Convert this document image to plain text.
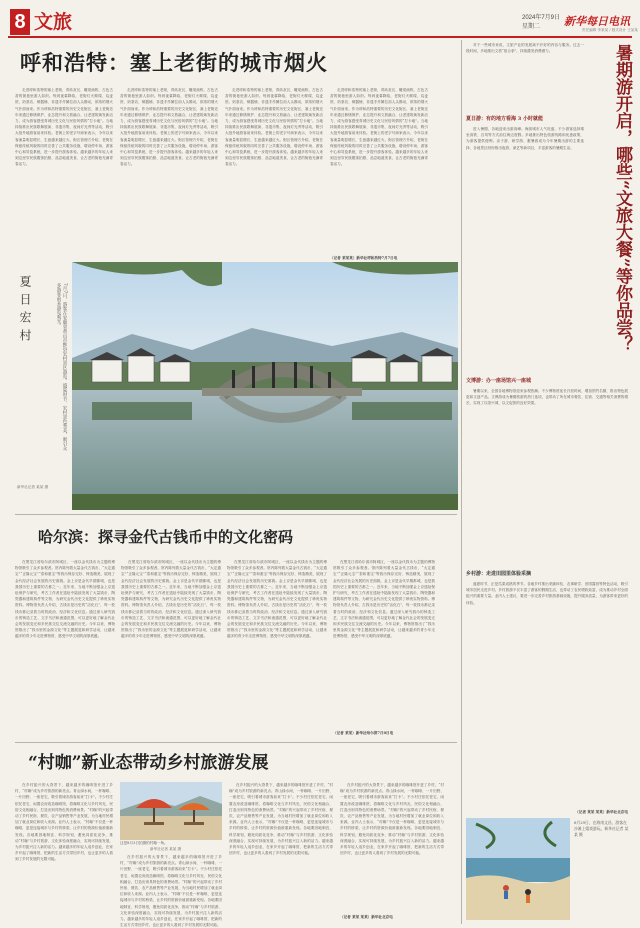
8 文旅	2024年7月9日
星期二 新华每日电讯
责任编辑 李某某 / 版式设计 王某某
呼和浩特：塞上老街的城市烟火

走进呼和浩特的塞上老街，青砖灰瓦、雕梁画栋，古色古香的街巷里游人如织。每到夜幕降临，老街灯火璀璨，烧麦馆、奶茶店、铜器铺、非遗手作摊位前人头攒动，浓浓的烟火气扑面而来。作为呼和浩特重要的历史文化街区，塞上老街近年来通过修缮保护、业态提升和文旅融合，让老建筑焕发新活力，成为游客感受青城历史文化与民俗风情的“打卡地”。当地持续推出民族歌舞展演、非遗市集、夜间灯光秀等活动，吸引大批外地游客前来体验。老街上的老字号商家表示，今年以来客流量明显增长，生意越来越红火。街区管理方介绍，老街在保留传统风貌的同时完善了公共服务设施，增设停车场、游客中心和导览系统，进一步提升游客体验。越来越多的年轻人来到这里穿民族服饰拍照、品尝地道美食，让古老的街巷充满青春活力。

走进呼和浩特的塞上老街，青砖灰瓦、雕梁画栋，古色古香的街巷里游人如织。每到夜幕降临，老街灯火璀璨，烧麦馆、奶茶店、铜器铺、非遗手作摊位前人头攒动，浓浓的烟火气扑面而来。作为呼和浩特重要的历史文化街区，塞上老街近年来通过修缮保护、业态提升和文旅融合，让老建筑焕发新活力，成为游客感受青城历史文化与民俗风情的“打卡地”。当地持续推出民族歌舞展演、非遗市集、夜间灯光秀等活动，吸引大批外地游客前来体验。老街上的老字号商家表示，今年以来客流量明显增长，生意越来越红火。街区管理方介绍，老街在保留传统风貌的同时完善了公共服务设施，增设停车场、游客中心和导览系统，进一步提升游客体验。越来越多的年轻人来到这里穿民族服饰拍照、品尝地道美食，让古老的街巷充满青春活力。

走进呼和浩特的塞上老街，青砖灰瓦、雕梁画栋，古色古香的街巷里游人如织。每到夜幕降临，老街灯火璀璨，烧麦馆、奶茶店、铜器铺、非遗手作摊位前人头攒动，浓浓的烟火气扑面而来。作为呼和浩特重要的历史文化街区，塞上老街近年来通过修缮保护、业态提升和文旅融合，让老建筑焕发新活力，成为游客感受青城历史文化与民俗风情的“打卡地”。当地持续推出民族歌舞展演、非遗市集、夜间灯光秀等活动，吸引大批外地游客前来体验。老街上的老字号商家表示，今年以来客流量明显增长，生意越来越红火。街区管理方介绍，老街在保留传统风貌的同时完善了公共服务设施，增设停车场、游客中心和导览系统，进一步提升游客体验。越来越多的年轻人来到这里穿民族服饰拍照、品尝地道美食，让古老的街巷充满青春活力。

走进呼和浩特的塞上老街，青砖灰瓦、雕梁画栋，古色古香的街巷里游人如织。每到夜幕降临，老街灯火璀璨，烧麦馆、奶茶店、铜器铺、非遗手作摊位前人头攒动，浓浓的烟火气扑面而来。作为呼和浩特重要的历史文化街区，塞上老街近年来通过修缮保护、业态提升和文旅融合，让老建筑焕发新活力，成为游客感受青城历史文化与民俗风情的“打卡地”。当地持续推出民族歌舞展演、非遗市集、夜间灯光秀等活动，吸引大批外地游客前来体验。老街上的老字号商家表示，今年以来客流量明显增长，生意越来越红火。街区管理方介绍，老街在保留传统风貌的同时完善了公共服务设施，增设停车场、游客中心和导览系统，进一步提升游客体验。越来越多的年轻人来到这里穿民族服饰拍照、品尝地道美食，让古老的街巷充满青春活力。

（记者 某某某）新华社呼和浩特7月7日电
夏日宏村	7月7日，游客在安徽省黄山市黟县宏村景区游览。盛夏时节，宏村景色秀美，吸引众多游客前来游览观光。
新华社记者 某某 摄
哈尔滨：探寻金代古钱币中的文化密码

在黑龙江省哈尔滨市阿城区，一座以金代钱币为主题的博物馆吸引了众多参观者。馆内陈列着大量金代古钱币，“大定通宝”“正隆元宝”“泰和重宝”等钱币保存完好、铸造精美，展现了金代经济社会发展的历史面貌。金上京是金代早期都城，也是我国历史上重要的古都之一。近年来，当地不断加强金上京遗址保护与研究，考古工作者在遗址中陆续发现了大量钱币、陶瓷器和建筑构件等文物，为研究金代历史文化提供了珍贵实物资料。博物馆负责人介绍，古钱币是历史的“活化石”，每一枚钱币都记录着当时的政治、经济和文化信息。通过深入研究钱币的铸造工艺、文字书法和流通范围，可以更好地了解金代社会的发展变迁和多民族交往交流交融的历史。今年以来，博物馆推出了“钱币里的金源文化”等主题展览和研学活动，让越来越多的青少年走进博物馆，感受中华文明的深厚底蕴。

在黑龙江省哈尔滨市阿城区，一座以金代钱币为主题的博物馆吸引了众多参观者。馆内陈列着大量金代古钱币，“大定通宝”“正隆元宝”“泰和重宝”等钱币保存完好、铸造精美，展现了金代经济社会发展的历史面貌。金上京是金代早期都城，也是我国历史上重要的古都之一。近年来，当地不断加强金上京遗址保护与研究，考古工作者在遗址中陆续发现了大量钱币、陶瓷器和建筑构件等文物，为研究金代历史文化提供了珍贵实物资料。博物馆负责人介绍，古钱币是历史的“活化石”，每一枚钱币都记录着当时的政治、经济和文化信息。通过深入研究钱币的铸造工艺、文字书法和流通范围，可以更好地了解金代社会的发展变迁和多民族交往交流交融的历史。今年以来，博物馆推出了“钱币里的金源文化”等主题展览和研学活动，让越来越多的青少年走进博物馆，感受中华文明的深厚底蕴。

在黑龙江省哈尔滨市阿城区，一座以金代钱币为主题的博物馆吸引了众多参观者。馆内陈列着大量金代古钱币，“大定通宝”“正隆元宝”“泰和重宝”等钱币保存完好、铸造精美，展现了金代经济社会发展的历史面貌。金上京是金代早期都城，也是我国历史上重要的古都之一。近年来，当地不断加强金上京遗址保护与研究，考古工作者在遗址中陆续发现了大量钱币、陶瓷器和建筑构件等文物，为研究金代历史文化提供了珍贵实物资料。博物馆负责人介绍，古钱币是历史的“活化石”，每一枚钱币都记录着当时的政治、经济和文化信息。通过深入研究钱币的铸造工艺、文字书法和流通范围，可以更好地了解金代社会的发展变迁和多民族交往交流交融的历史。今年以来，博物馆推出了“钱币里的金源文化”等主题展览和研学活动，让越来越多的青少年走进博物馆，感受中华文明的深厚底蕴。

在黑龙江省哈尔滨市阿城区，一座以金代钱币为主题的博物馆吸引了众多参观者。馆内陈列着大量金代古钱币，“大定通宝”“正隆元宝”“泰和重宝”等钱币保存完好、铸造精美，展现了金代经济社会发展的历史面貌。金上京是金代早期都城，也是我国历史上重要的古都之一。近年来，当地不断加强金上京遗址保护与研究，考古工作者在遗址中陆续发现了大量钱币、陶瓷器和建筑构件等文物，为研究金代历史文化提供了珍贵实物资料。博物馆负责人介绍，古钱币是历史的“活化石”，每一枚钱币都记录着当时的政治、经济和文化信息。通过深入研究钱币的铸造工艺、文字书法和流通范围，可以更好地了解金代社会的发展变迁和多民族交往交流交融的历史。今年以来，博物馆推出了“钱币里的金源文化”等主题展览和研学活动，让越来越多的青少年走进博物馆，感受中华文明的深厚底蕴。

（记者 某某）新华社哈尔滨7月8日电
“村咖”新业态带动乡村旅游发展

在乡村振兴的大背景下，越来越多的咖啡馆开进了乡村，“村咖”成为乡村旅游的新亮点。青山绿水间，一杯咖啡、一片田野、一座老宅，吸引着城市游客前来“打卡”。不少村庄依托老宅、闲置农房改造咖啡馆，将咖啡文化与乡村风光、民俗文化相融合，打造出别具特色的消费场景。“村咖”的兴起带动了乡村民宿、餐饮、农产品销售等产业发展，为当地村民增加了就业岗位和收入来源。业内人士表示，“村咖”不仅是一杯咖啡，更是连接城市与乡村的桥梁，让乡村的资源价值被重新发现。各地要因地制宜、科学规划，避免同质化竞争，推动“村咖”与乡村旅游、文化体验深度融合，实现可持续发展，为乡村振兴注入新的活力。越来越多的年轻人返乡创业，在家乡开起了咖啡馆，把新的生活方式带回乡村，也让更多的人看到了乡村发展的无限可能。

这是8月3日拍摄的村咖一角。
新华社记者 某某 摄

在乡村振兴的大背景下，越来越多的咖啡馆开进了乡村，“村咖”成为乡村旅游的新亮点。青山绿水间，一杯咖啡、一片田野、一座老宅，吸引着城市游客前来“打卡”。不少村庄依托老宅、闲置农房改造咖啡馆，将咖啡文化与乡村风光、民俗文化相融合，打造出别具特色的消费场景。“村咖”的兴起带动了乡村民宿、餐饮、农产品销售等产业发展，为当地村民增加了就业岗位和收入来源。业内人士表示，“村咖”不仅是一杯咖啡，更是连接城市与乡村的桥梁，让乡村的资源价值被重新发现。各地要因地制宜、科学规划，避免同质化竞争，推动“村咖”与乡村旅游、文化体验深度融合，实现可持续发展，为乡村振兴注入新的活力。越来越多的年轻人返乡创业，在家乡开起了咖啡馆，把新的生活方式带回乡村，也让更多的人看到了乡村发展的无限可能。

在乡村振兴的大背景下，越来越多的咖啡馆开进了乡村，“村咖”成为乡村旅游的新亮点。青山绿水间，一杯咖啡、一片田野、一座老宅，吸引着城市游客前来“打卡”。不少村庄依托老宅、闲置农房改造咖啡馆，将咖啡文化与乡村风光、民俗文化相融合，打造出别具特色的消费场景。“村咖”的兴起带动了乡村民宿、餐饮、农产品销售等产业发展，为当地村民增加了就业岗位和收入来源。业内人士表示，“村咖”不仅是一杯咖啡，更是连接城市与乡村的桥梁，让乡村的资源价值被重新发现。各地要因地制宜、科学规划，避免同质化竞争，推动“村咖”与乡村旅游、文化体验深度融合，实现可持续发展，为乡村振兴注入新的活力。越来越多的年轻人返乡创业，在家乡开起了咖啡馆，把新的生活方式带回乡村，也让更多的人看到了乡村发展的无限可能。

在乡村振兴的大背景下，越来越多的咖啡馆开进了乡村，“村咖”成为乡村旅游的新亮点。青山绿水间，一杯咖啡、一片田野、一座老宅，吸引着城市游客前来“打卡”。不少村庄依托老宅、闲置农房改造咖啡馆，将咖啡文化与乡村风光、民俗文化相融合，打造出别具特色的消费场景。“村咖”的兴起带动了乡村民宿、餐饮、农产品销售等产业发展，为当地村民增加了就业岗位和收入来源。业内人士表示，“村咖”不仅是一杯咖啡，更是连接城市与乡村的桥梁，让乡村的资源价值被重新发现。各地要因地制宜、科学规划，避免同质化竞争，推动“村咖”与乡村旅游、文化体验深度融合，实现可持续发展，为乡村振兴注入新的活力。越来越多的年轻人返乡创业，在家乡开起了咖啡馆，把新的生活方式带回乡村，也让更多的人看到了乡村发展的无限可能。

（记者 某某 某某）新华社北京电

对于一些城市来说，文旅产业的发展离不开好的内容与服务。过去一段时间，多地推出文旅“组合拳”，持续激发消费潜力。	暑期游开启，哪些“文旅大餐”等你品尝？
夏日游：有的地方看海 3 小时就能

进入暑期，各地迎来出游高峰。海滨城市人气旺盛，不少游客选择乘坐高铁、自驾等方式前往海边度假。多地推出特色旅游线路和优惠政策，为游客提供便利。亲子游、研学游、避暑游成为今年暑期出游的主要选择，各地景区纷纷推出夜游、演艺等新项目，丰富游客的暑期生活。

文博游：办一座场馆兴一座城

暑期以来，全国各地博物馆迎来参观热潮。不少博物馆延长开放时间、增加预约名额，推出特色展览和文创产品。文博游成为暑期旅游的热门选项，也带动了所在城市餐饮、住宿、交通等相关消费的增长，实现了以馆兴城、以文促旅的良好效果。

乡村游：走进田园里体验采摘

盛夏时节，正是瓜果成熟的季节。各地乡村推出采摘体验、农事研学、田园露营等特色活动，吸引城市居民走进乡村。乡村旅游不仅丰富了游客的假期生活，也带动了农民增收致富，成为推动乡村全面振兴的重要力量。业内人士建议，要进一步完善乡村旅游基础设施，提升服务质量，为游客带来更好的体验。

（记者 某某 某某）新华社北京电
6月29日，在海南文昌，游客在沙滩上嬉戏游玩。新华社记者 某某 摄
